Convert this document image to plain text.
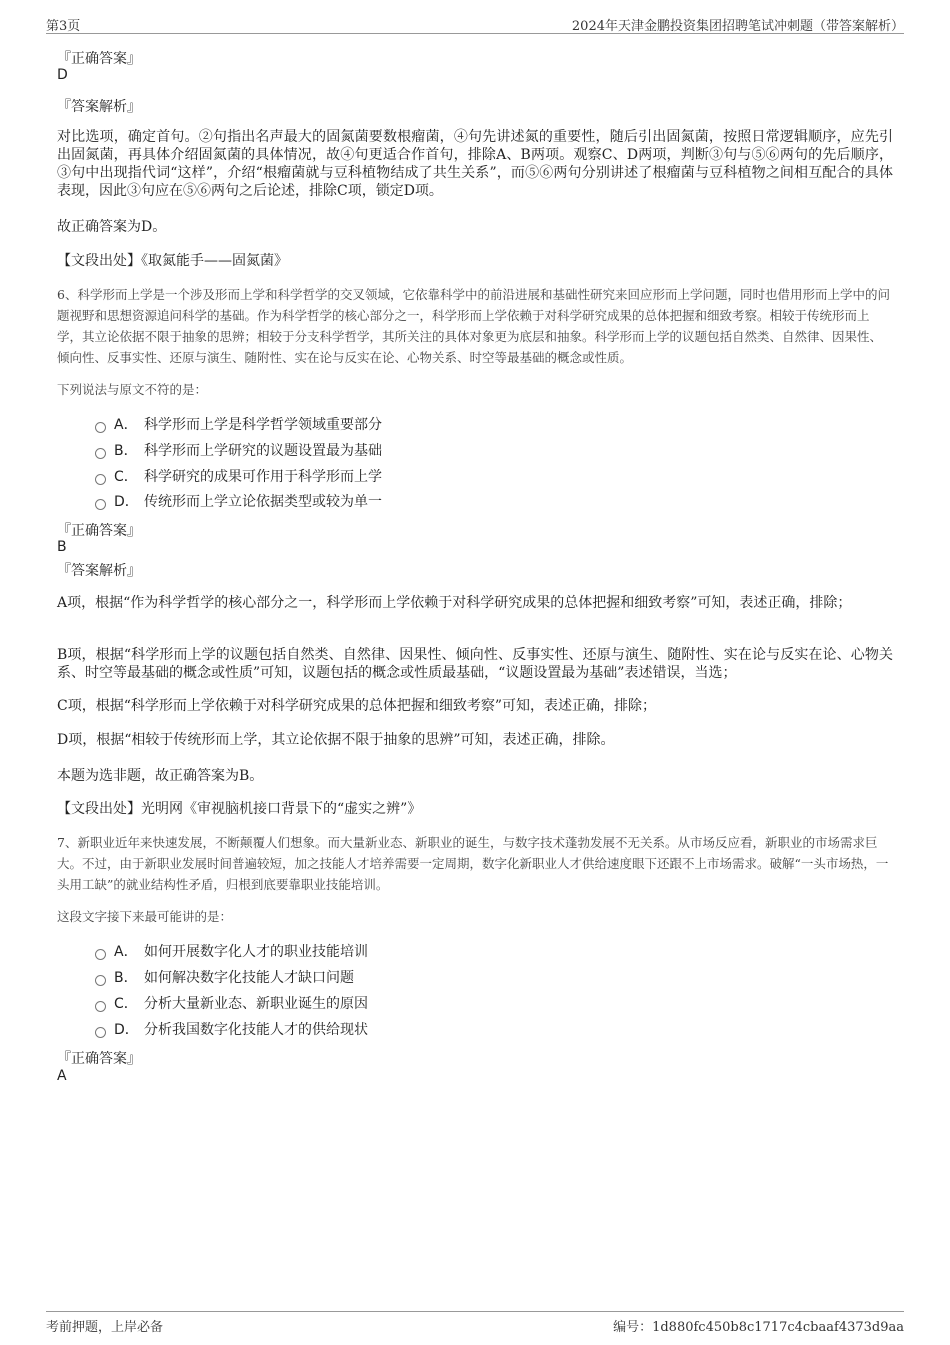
第3页	2024年天津金鹏投资集团招聘笔试冲刺题（带答案解析）
『正确答案』
D
『答案解析』

对比选项，确定首句。②句指出名声最大的固氮菌要数根瘤菌，④句先讲述氮的重要性，随后引出固氮菌，按照日常逻辑顺序，应先引出固氮菌，再具体介绍固氮菌的具体情况，故④句更适合作首句，排除A、B两项。观察C、D两项，判断③句与⑤⑥两句的先后顺序，③句中出现指代词“这样”，介绍“根瘤菌就与豆科植物结成了共生关系”，而⑤⑥两句分别讲述了根瘤菌与豆科植物之间相互配合的具体表现，因此③句应在⑤⑥两句之后论述，排除C项，锁定D项。

故正确答案为D。
【文段出处】《取氮能手——固氮菌》
6、科学形而上学是一个涉及形而上学和科学哲学的交叉领域，它依靠科学中的前沿进展和基础性研究来回应形而上学问题，同时也借用形而上学中的问题视野和思想资源追问科学的基础。作为科学哲学的核心部分之一，科学形而上学依赖于对科学研究成果的总体把握和细致考察。相较于传统形而上学，其立论依据不限于抽象的思辨；相较于分支科学哲学，其所关注的具体对象更为底层和抽象。科学形而上学的议题包括自然类、自然律、因果性、倾向性、反事实性、还原与演生、随附性、实在论与反实在论、心物关系、时空等最基础的概念或性质。
下列说法与原文不符的是：
A． 科学形而上学是科学哲学领域重要部分
B． 科学形而上学研究的议题设置最为基础
C． 科学研究的成果可作用于科学形而上学
D． 传统形而上学立论依据类型或较为单一
『正确答案』
B
『答案解析』

A项，根据“作为科学哲学的核心部分之一，科学形而上学依赖于对科学研究成果的总体把握和细致考察”可知，表述正确，排除；

B项，根据“科学形而上学的议题包括自然类、自然律、因果性、倾向性、反事实性、还原与演生、随附性、实在论与反实在论、心物关系、时空等最基础的概念或性质”可知，议题包括的概念或性质最基础，“议题设置最为基础”表述错误，当选；

C项，根据“科学形而上学依赖于对科学研究成果的总体把握和细致考察”可知，表述正确，排除；

D项，根据“相较于传统形而上学，其立论依据不限于抽象的思辨”可知，表述正确，排除。

本题为选非题，故正确答案为B。
【文段出处】光明网《审视脑机接口背景下的“虚实之辨”》
7、新职业近年来快速发展，不断颠覆人们想象。而大量新业态、新职业的诞生，与数字技术蓬勃发展不无关系。从市场反应看，新职业的市场需求巨大。不过，由于新职业发展时间普遍较短，加之技能人才培养需要一定周期，数字化新职业人才供给速度眼下还跟不上市场需求。破解“一头市场热，一头用工缺”的就业结构性矛盾，归根到底要靠职业技能培训。
这段文字接下来最可能讲的是：
A． 如何开展数字化人才的职业技能培训
B． 如何解决数字化技能人才缺口问题
C． 分析大量新业态、新职业诞生的原因
D． 分析我国数字化技能人才的供给现状
『正确答案』
A
考前押题，上岸必备	编号：1d880fc450b8c1717c4cbaaf4373d9aa
